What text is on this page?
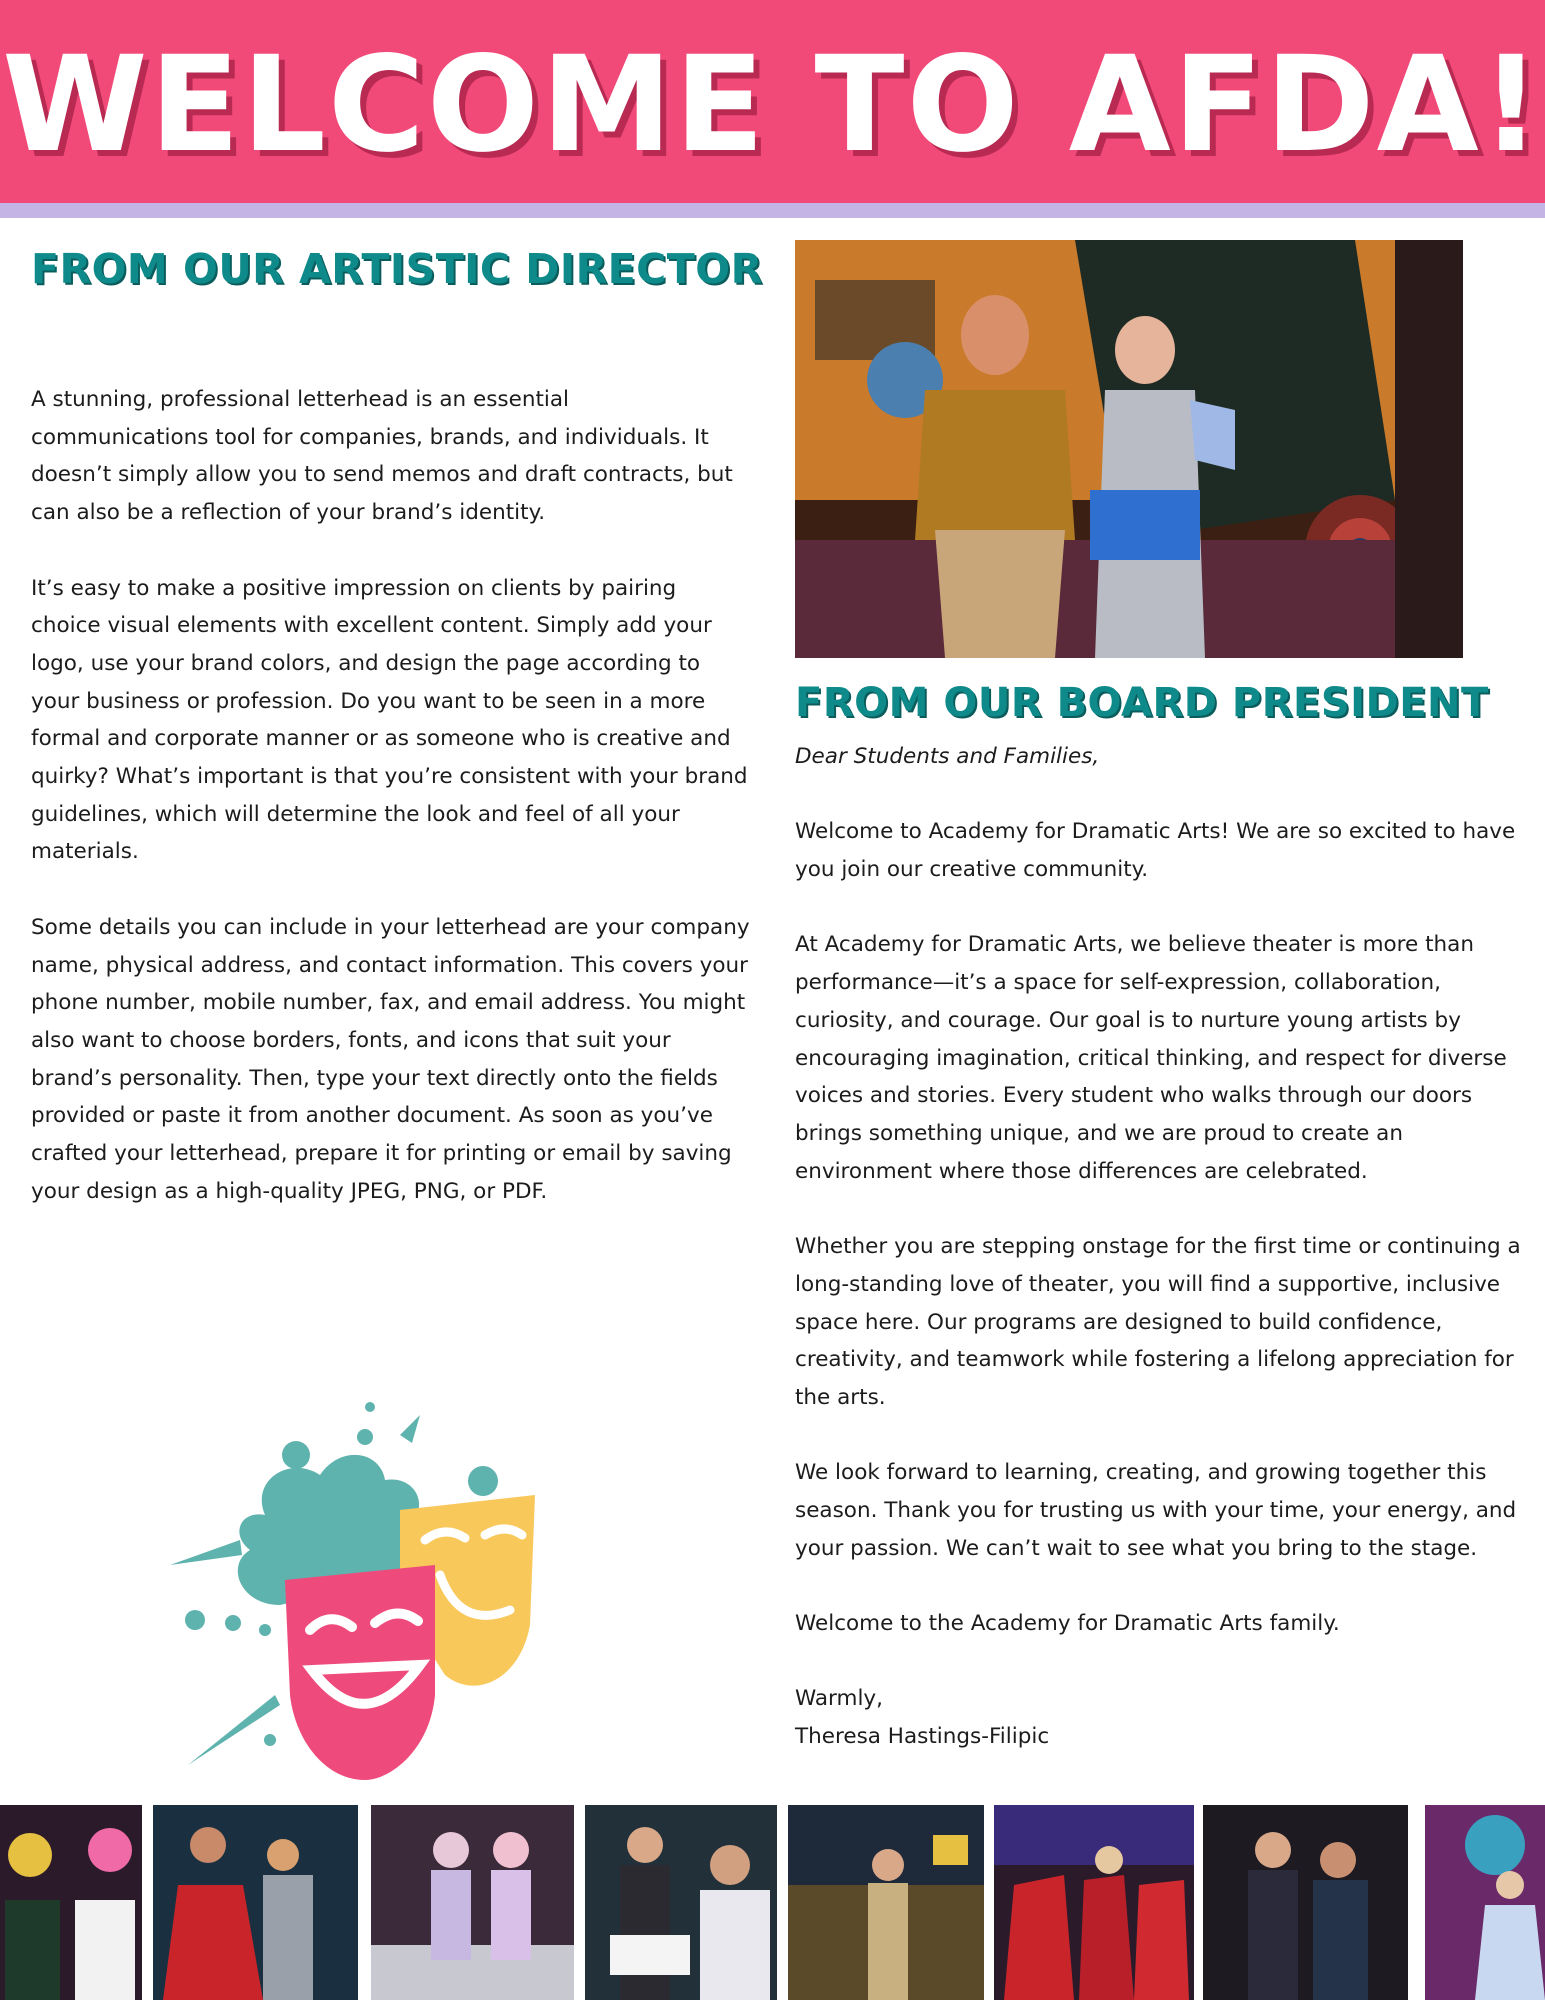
WELCOME TO AFDA!
FROM OUR ARTISTIC DIRECTOR

A stunning, professional letterhead is an essential communications tool for companies, brands, and individuals. It doesn’t simply allow you to send memos and draft contracts, but can also be a reflection of your brand’s identity.

It’s easy to make a positive impression on clients by pairing choice visual elements with excellent content. Simply add your logo, use your brand colors, and design the page according to your business or profession. Do you want to be seen in a more formal and corporate manner or as someone who is creative and quirky? What’s important is that you’re consistent with your brand guidelines, which will determine the look and feel of all your materials.

Some details you can include in your letterhead are your company name, physical address, and contact information. This covers your phone number, mobile number, fax, and email address. You might also want to choose borders, fonts, and icons that suit your brand’s personality. Then, type your text directly onto the fields provided or paste it from another document. As soon as you’ve crafted your letterhead, prepare it for printing or email by saving your design as a high-quality JPEG, PNG, or PDF.

FROM OUR BOARD PRESIDENT

Dear Students and Families,

Welcome to Academy for Dramatic Arts! We are so excited to have you join our creative community.

At Academy for Dramatic Arts, we believe theater is more than performance—it’s a space for self-expression, collaboration, curiosity, and courage. Our goal is to nurture young artists by encouraging imagination, critical thinking, and respect for diverse voices and stories. Every student who walks through our doors brings something unique, and we are proud to create an environment where those differences are celebrated.

Whether you are stepping onstage for the first time or continuing a long-standing love of theater, you will find a supportive, inclusive space here. Our programs are designed to build confidence, creativity, and teamwork while fostering a lifelong appreciation for the arts.

We look forward to learning, creating, and growing together this season. Thank you for trusting us with your time, your energy, and your passion. We can’t wait to see what you bring to the stage.

Welcome to the Academy for Dramatic Arts family.

Warmly,
Theresa Hastings-Filipic
